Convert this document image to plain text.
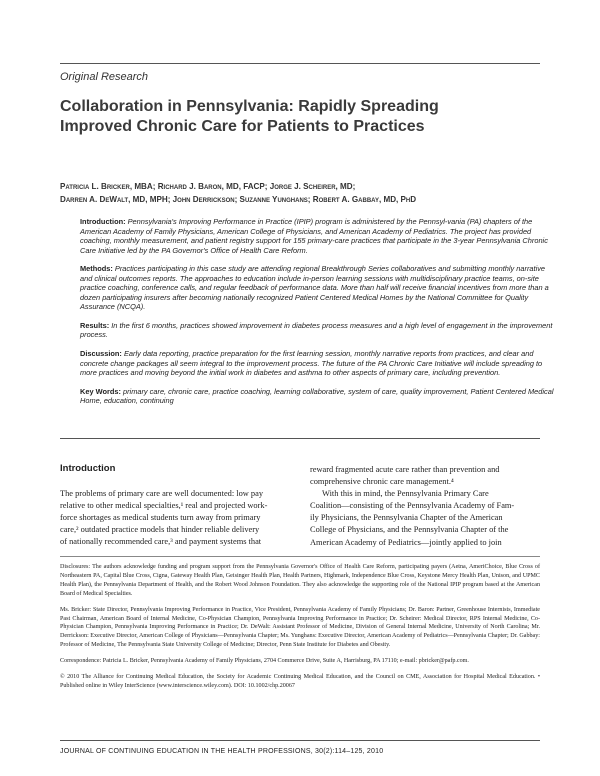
Original Research
Collaboration in Pennsylvania: Rapidly Spreading
Improved Chronic Care for Patients to Practices
Patricia L. Bricker, MBA; Richard J. Baron, MD, FACP; Jorge J. Scheirer, MD;
Darren A. DeWalt, MD, MPH; John Derrickson; Suzanne Yunghans; Robert A. Gabbay, MD, PhD

Introduction: Pennsylvania's Improving Performance in Practice (IPIP) program is administered by the Pennsyl-vania (PA) chapters of the American Academy of Family Physicians, American College of Physicians, and American Academy of Pediatrics. The project has provided coaching, monthly measurement, and patient registry support for 155 primary-care practices that participate in the 3-year Pennsylvania Chronic Care Initiative led by the PA Governor's Office of Health Care Reform.

Methods: Practices participating in this case study are attending regional Breakthrough Series collaboratives and submitting monthly narrative and clinical outcomes reports. The approaches to education include in-person learning sessions with multidisciplinary practice teams, on-site practice coaching, conference calls, and regular feedback of performance data. More than half will receive financial incentives from more than a dozen participating insurers after becoming nationally recognized Patient Centered Medical Homes by the National Committee for Quality Assurance (NCQA).

Results: In the first 6 months, practices showed improvement in diabetes process measures and a high level of engagement in the improvement process.

Discussion: Early data reporting, practice preparation for the first learning session, monthly narrative reports from practices, and clear and concrete change packages all seem integral to the improvement process. The future of the PA Chronic Care Initiative will include spreading to more practices and moving beyond the initial work in diabetes and asthma to other aspects of primary care, including prevention.

Key Words: primary care, chronic care, practice coaching, learning collaborative, system of care, quality improvement, Patient Centered Medical Home, education, continuing

Introduction

The problems of primary care are well documented: low pay

relative to other medical specialties,¹ real and projected work-

force shortages as medical students turn away from primary

care,² outdated practice models that hinder reliable delivery

of nationally recommended care,³ and payment systems that

reward fragmented acute care rather than prevention and

comprehensive chronic care management.⁴

With this in mind, the Pennsylvania Primary Care

Coalition—consisting of the Pennsylvania Academy of Fam-

ily Physicians, the Pennsylvania Chapter of the American

College of Physicians, and the Pennsylvania Chapter of the

American Academy of Pediatrics—jointly applied to join

Disclosures: The authors acknowledge funding and program support from the Pennsylvania Governor's Office of Health Care Reform, participating payers (Aetna, AmeriChoice, Blue Cross of Northeastern PA, Capital Blue Cross, Cigna, Gateway Health Plan, Geisinger Health Plan, Health Partners, Highmark, Independence Blue Cross, Keystone Mercy Health Plan, Unison, and UPMC Health Plan), the Pennsylvania Department of Health, and the Robert Wood Johnson Foundation. They also acknowledge the supporting role of the National IPIP program based at the American Board of Medical Specialties.

Ms. Bricker: State Director, Pennsylvania Improving Performance in Practice, Vice President, Pennsylvania Academy of Family Physicians; Dr. Baron: Partner, Greenhouse Internists, Immediate Past Chairman, American Board of Internal Medicine, Co-Physician Champion, Pennsylvania Improving Performance in Practice; Dr. Scheirer: Medical Director, RPS Internal Medicine, Co-Physician Champion, Pennsylvania Improving Performance in Practice; Dr. DeWalt: Assistant Professor of Medicine, Division of General Internal Medicine, University of North Carolina; Mr. Derrickson: Executive Director, American College of Physicians—Pennsylvania Chapter; Ms. Yunghans: Executive Director, American Academy of Pediatrics—Pennsylvania Chapter; Dr. Gabbay: Professor of Medicine, The Pennsylvania State University College of Medicine; Director, Penn State Institute for Diabetes and Obesity.

Correspondence: Patricia L. Bricker, Pennsylvania Academy of Family Physicians, 2704 Commerce Drive, Suite A, Harrisburg, PA 17110; e-mail: pbricker@pafp.com.

© 2010 The Alliance for Continuing Medical Education, the Society for Academic Continuing Medical Education, and the Council on CME, Association for Hospital Medical Education. • Published online in Wiley InterScience (www.interscience.wiley.com). DOI: 10.1002/chp.20067

JOURNAL OF CONTINUING EDUCATION IN THE HEALTH PROFESSIONS, 30(2):114–125, 2010
